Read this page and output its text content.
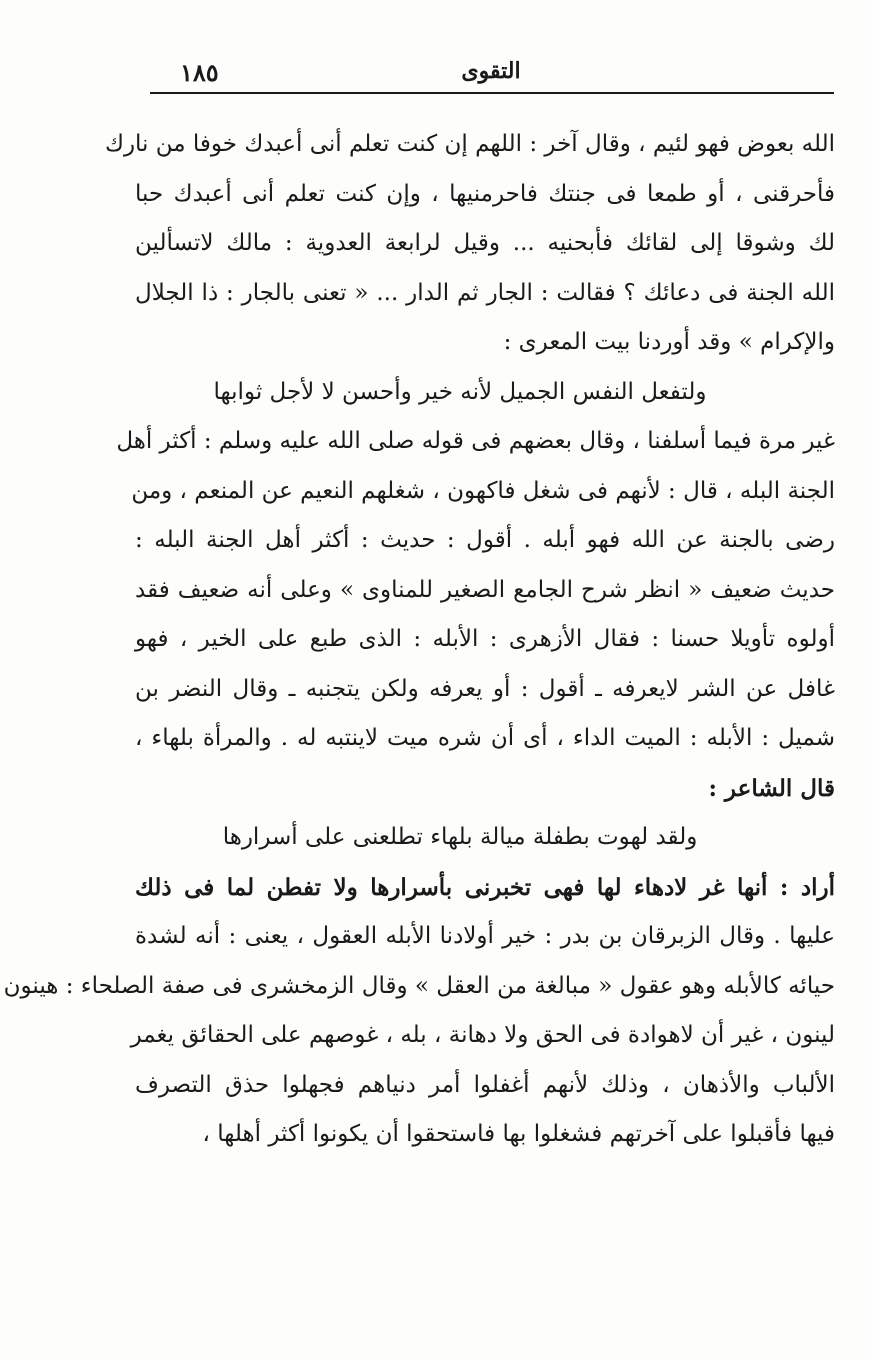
١٨٥	التقوى
الله بعوض فهو لئيم ، وقال آخر : اللهم إن كنت تعلم أنى أعبدك خوفا من نارك
فأحرقنى ، أو طمعا فى جنتك فاحرمنيها ، وإن كنت تعلم أنى أعبدك حبا
لك وشوقا إلى لقائك فأبحنيه ... وقيل لرابعة العدوية : مالك لاتسألين
الله الجنة فى دعائك ؟ فقالت : الجار ثم الدار ... « تعنى بالجار : ذا الجلال
والإكرام » وقد أوردنا بيت المعرى :
ولتفعل النفس الجميل لأنه خير وأحسن لا لأجل ثوابها
غير مرة فيما أسلفنا ، وقال بعضهم فى قوله صلى الله عليه وسلم : أكثر أهل
الجنة البله ، قال : لأنهم فى شغل فاكهون ، شغلهم النعيم عن المنعم ، ومن
رضى بالجنة عن الله فهو أبله . أقول : حديث : أكثر أهل الجنة البله :
حديث ضعيف « انظر شرح الجامع الصغير للمناوى » وعلى أنه ضعيف فقد
أولوه تأويلا حسنا : فقال الأزهرى : الأبله : الذى طبع على الخير ، فهو
غافل عن الشر لايعرفه ـ أقول : أو يعرفه ولكن يتجنبه ـ وقال النضر بن
شميل : الأبله : الميت الداء ، أى أن شره ميت لاينتبه له . والمرأة بلهاء ،
قال الشاعر :
ولقد لهوت بطفلة ميالة بلهاء تطلعنى على أسرارها
أراد : أنها غر لادهاء لها فهى تخبرنى بأسرارها ولا تفطن لما فى ذلك
عليها . وقال الزبرقان بن بدر : خير أولادنا الأبله العقول ، يعنى : أنه لشدة
حيائه كالأبله وهو عقول « مبالغة من العقل » وقال الزمخشرى فى صفة الصلحاء : هينون
لينون ، غير أن لاهوادة فى الحق ولا دهانة ، بله ، غوصهم على الحقائق يغمر
الألباب والأذهان ، وذلك لأنهم أغفلوا أمر دنياهم فجهلوا حذق التصرف
فيها فأقبلوا على آخرتهم فشغلوا بها فاستحقوا أن يكونوا أكثر أهلها ،
